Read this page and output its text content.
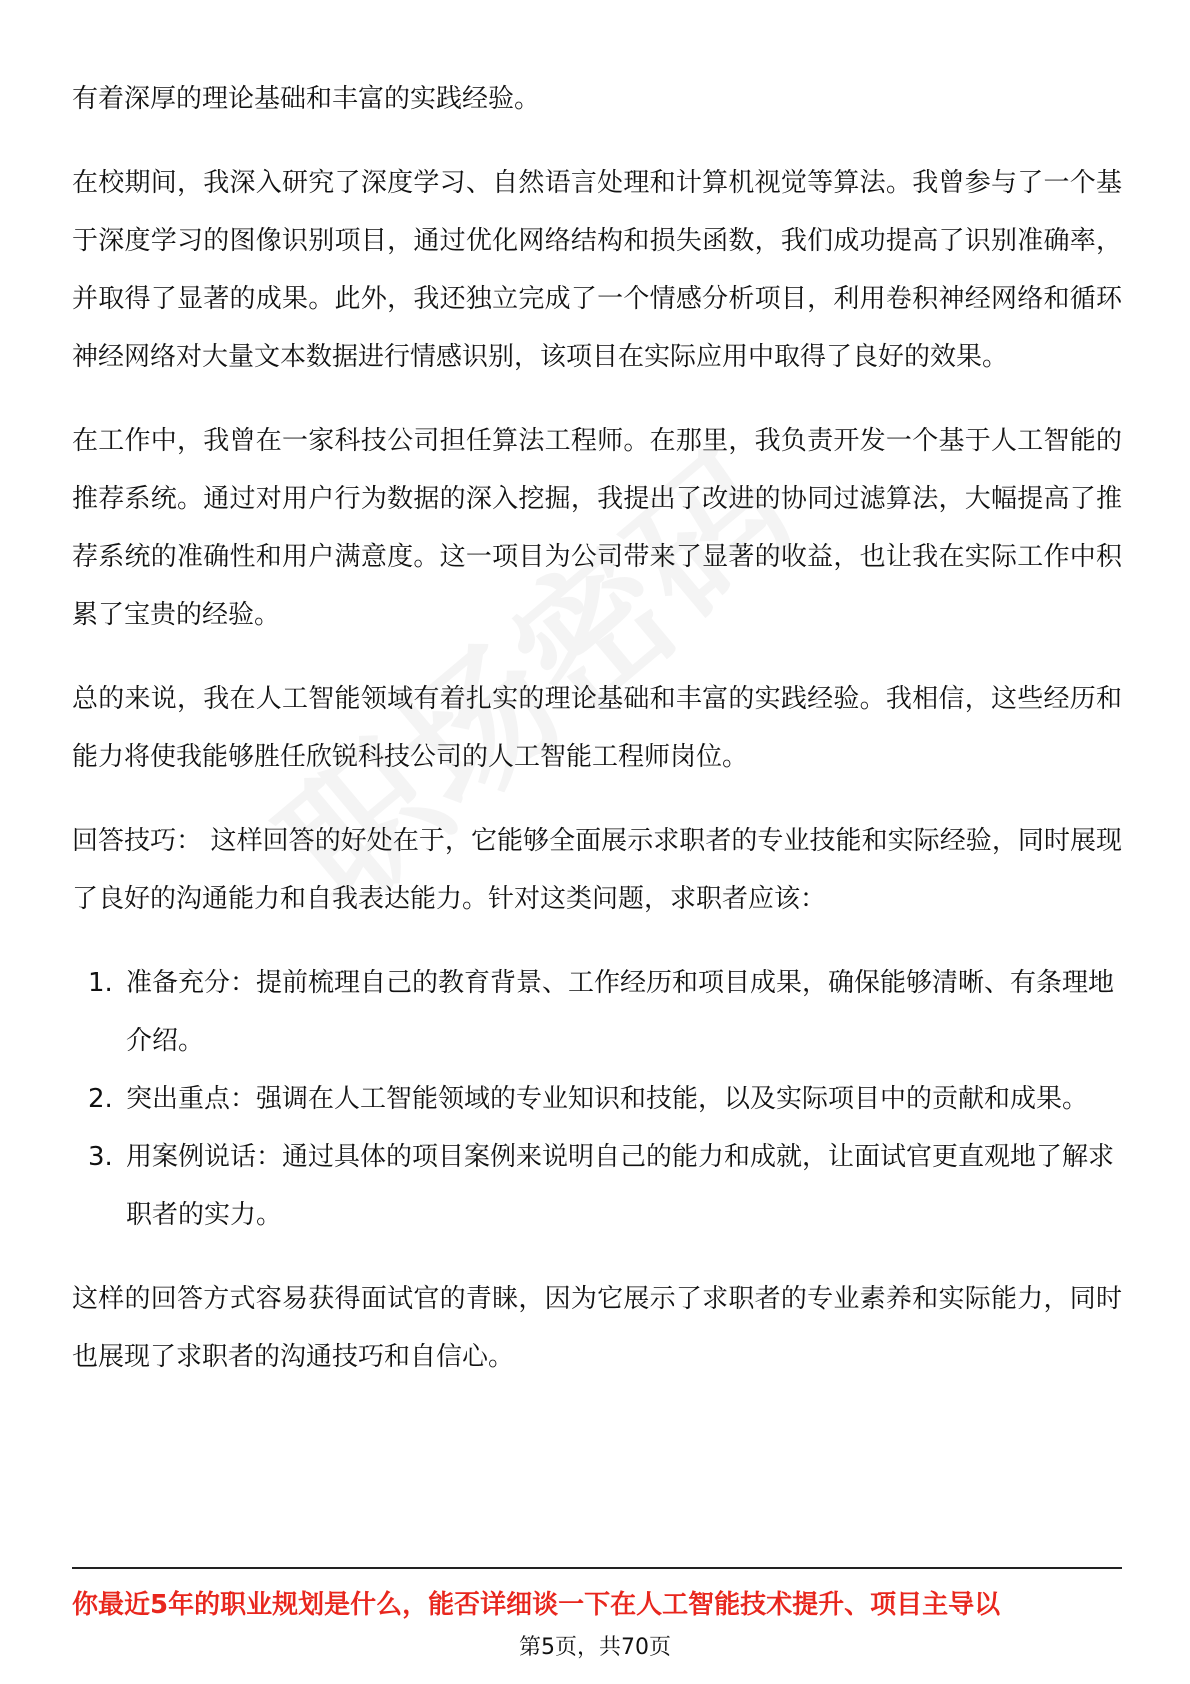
有着深厚的理论基础和丰富的实践经验。

在校期间，我深入研究了深度学习、自然语言处理和计算机视觉等算法。我曾参与了一个基于深度学习的图像识别项目，通过优化网络结构和损失函数，我们成功提高了识别准确率，并取得了显著的成果。此外，我还独立完成了一个情感分析项目，利用卷积神经网络和循环神经网络对大量文本数据进行情感识别，该项目在实际应用中取得了良好的效果。

在工作中，我曾在一家科技公司担任算法工程师。在那里，我负责开发一个基于人工智能的推荐系统。通过对用户行为数据的深入挖掘，我提出了改进的协同过滤算法，大幅提高了推荐系统的准确性和用户满意度。这一项目为公司带来了显著的收益，也让我在实际工作中积累了宝贵的经验。

总的来说，我在人工智能领域有着扎实的理论基础和丰富的实践经验。我相信，这些经历和能力将使我能够胜任欣锐科技公司的人工智能工程师岗位。

回答技巧： 这样回答的好处在于，它能够全面展示求职者的专业技能和实际经验，同时展现了良好的沟通能力和自我表达能力。针对这类问题，求职者应该：

1. 准备充分：提前梳理自己的教育背景、工作经历和项目成果，确保能够清晰、有条理地介绍。
2. 突出重点：强调在人工智能领域的专业知识和技能，以及实际项目中的贡献和成果。
3. 用案例说话：通过具体的项目案例来说明自己的能力和成就，让面试官更直观地了解求职者的实力。

这样的回答方式容易获得面试官的青睐，因为它展示了求职者的专业素养和实际能力，同时也展现了求职者的沟通技巧和自信心。

你最近5年的职业规划是什么，能否详细谈一下在人工智能技术提升、项目主导以
第5页，共70页
